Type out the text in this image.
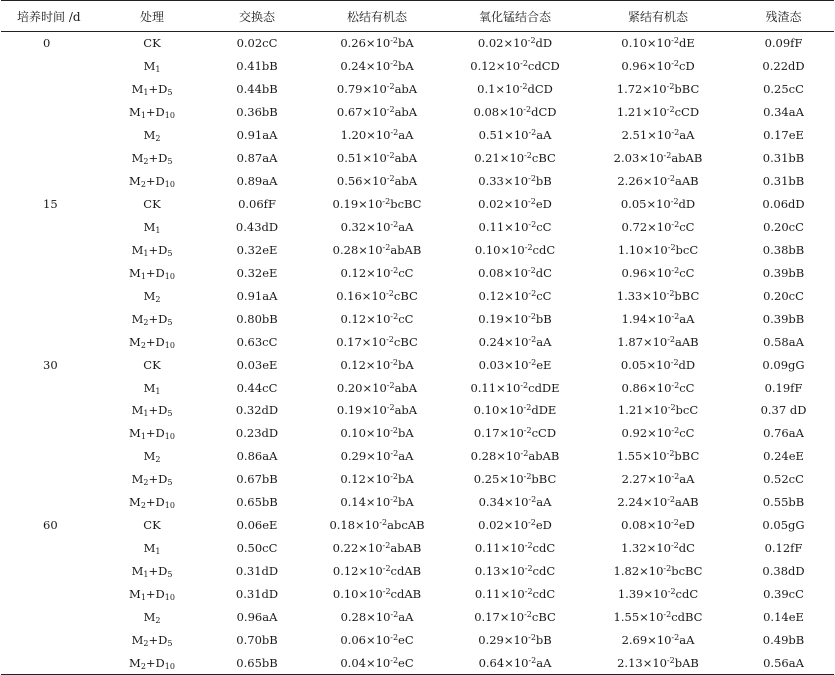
培养时间 /d	处理	交换态	松结有机态	氧化锰结合态	紧结有机态	残渣态
0	CK	0.02cC	$0.26\times 10^{-2}bA$	$0.02\times 10^{-2}dD$	$0.10\times 10^{-2}dE$	0.09fF
	$M_1$	0.41bB	$0.24\times 10^{-2}bA$	$0.12\times 10^{-2}cdCD$	$0.96\times 10^{-2}cD$	0.22dD
	$M_1+D_5$	0.44bB	$0.79\times 10^{-2}abA$	$0.1\times 10^{-2}dCD$	$1.72\times 10^{-2}bBC$	0.25cC
	$M_1+D_{10}$	0.36bB	$0.67\times 10^{-2}abA$	$0.08\times 10^{-2}dCD$	$1.21\times 10^{-2}cCD$	0.34aA
	$M_2$	0.91aA	$1.20\times 10^{-2}aA$	$0.51\times 10^{-2}aA$	$2.51\times 10^{-2}aA$	0.17eE
	$M_2+D_5$	0.87aA	$0.51\times 10^{-2}abA$	$0.21\times 10^{-2}cBC$	$2.03\times 10^{-2}abAB$	0.31bB
	$M_2+D_{10}$	0.89aA	$0.56\times 10^{-2}abA$	$0.33\times 10^{-2}bB$	$2.26\times 10^{-2}aAB$	0.31bB
15	CK	0.06fF	$0.19\times 10^{-2}bcBC$	$0.02\times 10^{-2}eD$	$0.05\times 10^{-2}dD$	0.06dD
	$M_1$	0.43dD	$0.32\times 10^{-2}aA$	$0.11\times 10^{-2}cC$	$0.72\times 10^{-2}cC$	0.20cC
	$M_1+D_5$	0.32eE	$0.28\times 10^{-2}abAB$	$0.10\times 10^{-2}cdC$	$1.10\times 10^{-2}bcC$	0.38bB
	$M_1+D_{10}$	0.32eE	$0.12\times 10^{-2}cC$	$0.08\times 10^{-2}dC$	$0.96\times 10^{-2}cC$	0.39bB
	$M_2$	0.91aA	$0.16\times 10^{-2}cBC$	$0.12\times 10^{-2}cC$	$1.33\times 10^{-2}bBC$	0.20cC
	$M_2+D_5$	0.80bB	$0.12\times 10^{-2}cC$	$0.19\times 10^{-2}bB$	$1.94\times 10^{-2}aA$	0.39bB
	$M_2+D_{10}$	0.63cC	$0.17\times 10^{-2}cBC$	$0.24\times 10^{-2}aA$	$1.87\times 10^{-2}aAB$	0.58aA
30	CK	0.03eE	$0.12\times 10^{-2}bA$	$0.03\times 10^{-2}eE$	$0.05\times 10^{-2}dD$	0.09gG
	$M_1$	0.44cC	$0.20\times 10^{-2}abA$	$0.11\times 10^{-2}cdDE$	$0.86\times 10^{-2}cC$	0.19fF
	$M_1+D_5$	0.32dD	$0.19\times 10^{-2}abA$	$0.10\times 10^{-2}dDE$	$1.21\times 10^{-2}bcC$	0.37 dD
	$M_1+D_{10}$	0.23dD	$0.10\times 10^{-2}bA$	$0.17\times 10^{-2}cCD$	$0.92\times 10^{-2}cC$	0.76aA
	$M_2$	0.86aA	$0.29\times 10^{-2}aA$	$0.28\times 10^{-2}abAB$	$1.55\times 10^{-2}bBC$	0.24eE
	$M_2+D_5$	0.67bB	$0.12\times 10^{-2}bA$	$0.25\times 10^{-2}bBC$	$2.27\times 10^{-2}aA$	0.52cC
	$M_2+D_{10}$	0.65bB	$0.14\times 10^{-2}bA$	$0.34\times 10^{-2}aA$	$2.24\times 10^{-2}aAB$	0.55bB
60	CK	0.06eE	$0.18\times 10^{-2}abcAB$	$0.02\times 10^{-2}eD$	$0.08\times 10^{-2}eD$	0.05gG
	$M_1$	0.50cC	$0.22\times 10^{-2}abAB$	$0.11\times 10^{-2}cdC$	$1.32\times 10^{-2}dC$	0.12fF
	$M_1+D_5$	0.31dD	$0.12\times 10^{-2}cdAB$	$0.13\times 10^{-2}cdC$	$1.82\times 10^{-2}bcBC$	0.38dD
	$M_1+D_{10}$	0.31dD	$0.10\times 10^{-2}cdAB$	$0.11\times 10^{-2}cdC$	$1.39\times 10^{-2}cdC$	0.39cC
	$M_2$	0.96aA	$0.28\times 10^{-2}aA$	$0.17\times 10^{-2}cBC$	$1.55\times 10^{-2}cdBC$	0.14eE
	$M_2+D_5$	0.70bB	$0.06\times 10^{-2}eC$	$0.29\times 10^{-2}bB$	$2.69\times 10^{-2}aA$	0.49bB
	$M_2+D_{10}$	0.65bB	$0.04\times 10^{-2}eC$	$0.64\times 10^{-2}aA$	$2.13\times 10^{-2}bAB$	0.56aA
